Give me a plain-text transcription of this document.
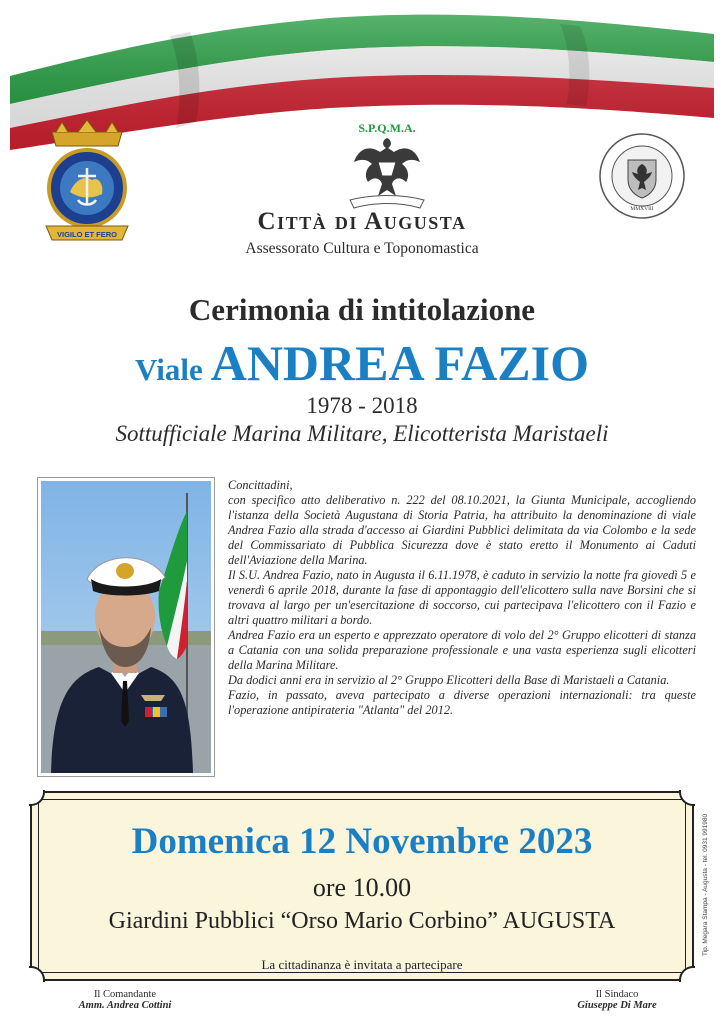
VIGILO ET FERO
S.P.Q.M.A.
MMXVIII
Città di Augusta
Assessorato Cultura e Toponomastica
Cerimonia di intitolazione
Viale ANDREA FAZIO
1978 - 2018
Sottufficiale Marina Militare, Elicotterista Maristaeli

Concittadini,

con specifico atto deliberativo n. 222 del 08.10.2021, la Giunta Municipale, accogliendo l'istanza della Società Augustana di Storia Patria, ha attribuito la denominazione di viale Andrea Fazio alla strada d'accesso ai Giardini Pubblici delimitata da via Colombo e la sede del Commissariato di Pubblica Sicurezza dove è stato eretto il Monumento ai Caduti dell'Aviazione della Marina.

Il S.U. Andrea Fazio, nato in Augusta il 6.11.1978, è caduto in servizio la notte fra giovedì 5 e venerdì 6 aprile 2018, durante la fase di appontaggio dell'elicottero sulla nave Borsini che si trovava al largo per un'esercitazione di soccorso, cui partecipava l'elicottero con il Fazio e altri quattro militari a bordo.

Andrea Fazio era un esperto e apprezzato operatore di volo del 2° Gruppo elicotteri di stanza a Catania con una solida preparazione professionale e una vasta esperienza sugli elicotteri della Marina Militare.

Da dodici anni era in servizio al 2° Gruppo Elicotteri della Base di Maristaeli a Catania.

Fazio, in passato, aveva partecipato a diverse operazioni internazionali: tra queste l'operazione antipirateria "Atlanta" del 2012.

Domenica 12 Novembre 2023
ore 10.00
Giardini Pubblici “Orso Mario Corbino” AUGUSTA
La cittadinanza è invitata a partecipare
Tip. Megara Stampa - Augusta - tel. 0931 991980
Il Comandante
Amm. Andrea Cottini
Il Sindaco
Giuseppe Di Mare
